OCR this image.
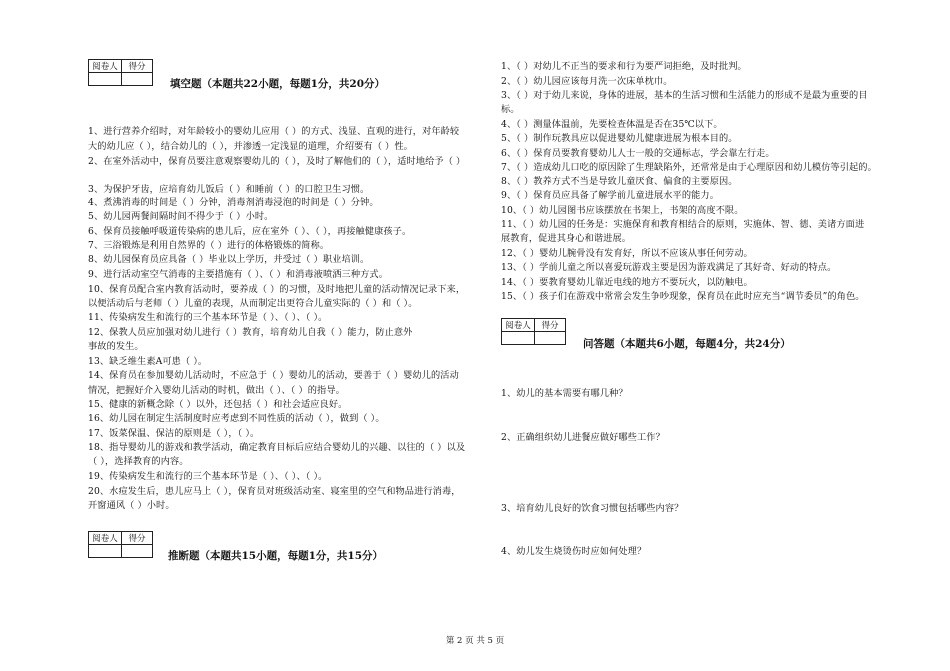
阅卷人	得分

填空题（本题共22小题，每题1分，共20分）
1、进行营养介绍时，对年龄较小的婴幼儿应用（ ）的方式、浅显、直观的进行，对年龄较
大的幼儿应（ ），结合幼儿的（ ），并渗透一定浅显的道理，介绍要有（ ）性。
2、在室外活动中，保育员要注意观察婴幼儿的（ ），及时了解他们的（ ），适时地给予（ ）
3、为保护牙齿，应培育幼儿饭后（ ）和睡前（ ）的口腔卫生习惯。
4、煮沸消毒的时间是（ ）分钟，消毒剂消毒浸泡的时间是（ ）分钟。
5、幼儿园两餐间隔时间不得少于（ ）小时。
6、保育员接触呼吸道传染病的患儿后，应在室外（ ）、（ ），再接触健康孩子。
7、三浴锻炼是利用自然界的（ ）进行的体格锻炼的简称。
8、幼儿园保育员应具备（ ）毕业以上学历，并受过（ ）职业培训。
9、进行活动室空气消毒的主要措施有（ ）、（ ）和消毒液喷洒三种方式。
10、保育员配合室内教育活动时，要养成（ ）的习惯，及时地把儿童的活动情况记录下来，
以便活动后与老师（ ）儿童的表现，从而制定出更符合儿童实际的（ ）和（ ）。
11、传染病发生和流行的三个基本环节是（ ）、（ ）、（ ）。
12、保教人员应加强对幼儿进行（ ）教育，培育幼儿自我（ ）能力，防止意外
事故的发生。
13、缺乏维生素A可患（ ）。
14、保育员在参加婴幼儿活动时，不应急于（ ）婴幼儿的活动，要善于（ ）婴幼儿的活动
情况，把握好介入婴幼儿活动的时机，做出（ ）、（ ）的指导。
15、健康的新概念除（ ）以外，还包括（ ）和社会适应良好。
16、幼儿园在制定生活制度时应考虑到不同性质的活动（ ），做到（ ）。
17、饭菜保温、保洁的原则是（ ），（ ）。
18、指导婴幼儿的游戏和教学活动，确定教育目标后应结合婴幼儿的兴趣、以往的（ ）以及
（ ），选择教育的内容。
19、传染病发生和流行的三个基本环节是（ ）、（ ）、（ ）。
20、水痘发生后，患儿应马上（ ），保育员对班级活动室、寝室里的空气和物品进行消毒，
开窗通风（ ）小时。
阅卷人	得分

推断题（本题共15小题，每题1分，共15分）
1、（ ）对幼儿不正当的要求和行为要严词拒绝，及时批判。
2、（ ）幼儿园应该每月洗一次床单枕巾。
3、（ ）对于幼儿来说，身体的进展，基本的生活习惯和生活能力的形成不是最为重要的目
标。
4、（ ）测量体温前，先要检查体温是否在35℃以下。
5、（ ）制作玩教具应以促进婴幼儿健康进展为根本目的。
6、（ ）保育员要教育婴幼儿人士一般的交通标志，学会靠左行走。
7、（ ）造成幼儿口吃的原因除了生理缺陷外，还常常是由于心理原因和幼儿模仿等引起的。
8、（ ）教养方式不当是导致儿童厌食、偏食的主要原因。
9、（ ）保育员应具备了解学前儿童进展水平的能力。
10、（ ）幼儿园图书应该摆放在书架上，书架的高度不限。
11、（ ）幼儿园的任务是：实施保育和教育相结合的原则，实施体、智、德、美诸方面进
展教育，促进其身心和谐进展。
12、（ ）婴幼儿腕骨没有发育好，所以不应该从事任何劳动。
13、（ ）学前儿童之所以喜爱玩游戏主要是因为游戏满足了其好奇、好动的特点。
14、（ ）要教育婴幼儿靠近电线的地方不要玩火，以防触电。
15、（ ）孩子们在游戏中常常会发生争吵现象，保育员在此时应充当“调节委员”的角色。
阅卷人	得分

问答题（本题共6小题，每题4分，共24分）
1、幼儿的基本需要有哪几种？
2、正确组织幼儿进餐应做好哪些工作？
3、培育幼儿良好的饮食习惯包括哪些内容？
4、幼儿发生烧烫伤时应如何处理？
第 2 页 共 5 页
